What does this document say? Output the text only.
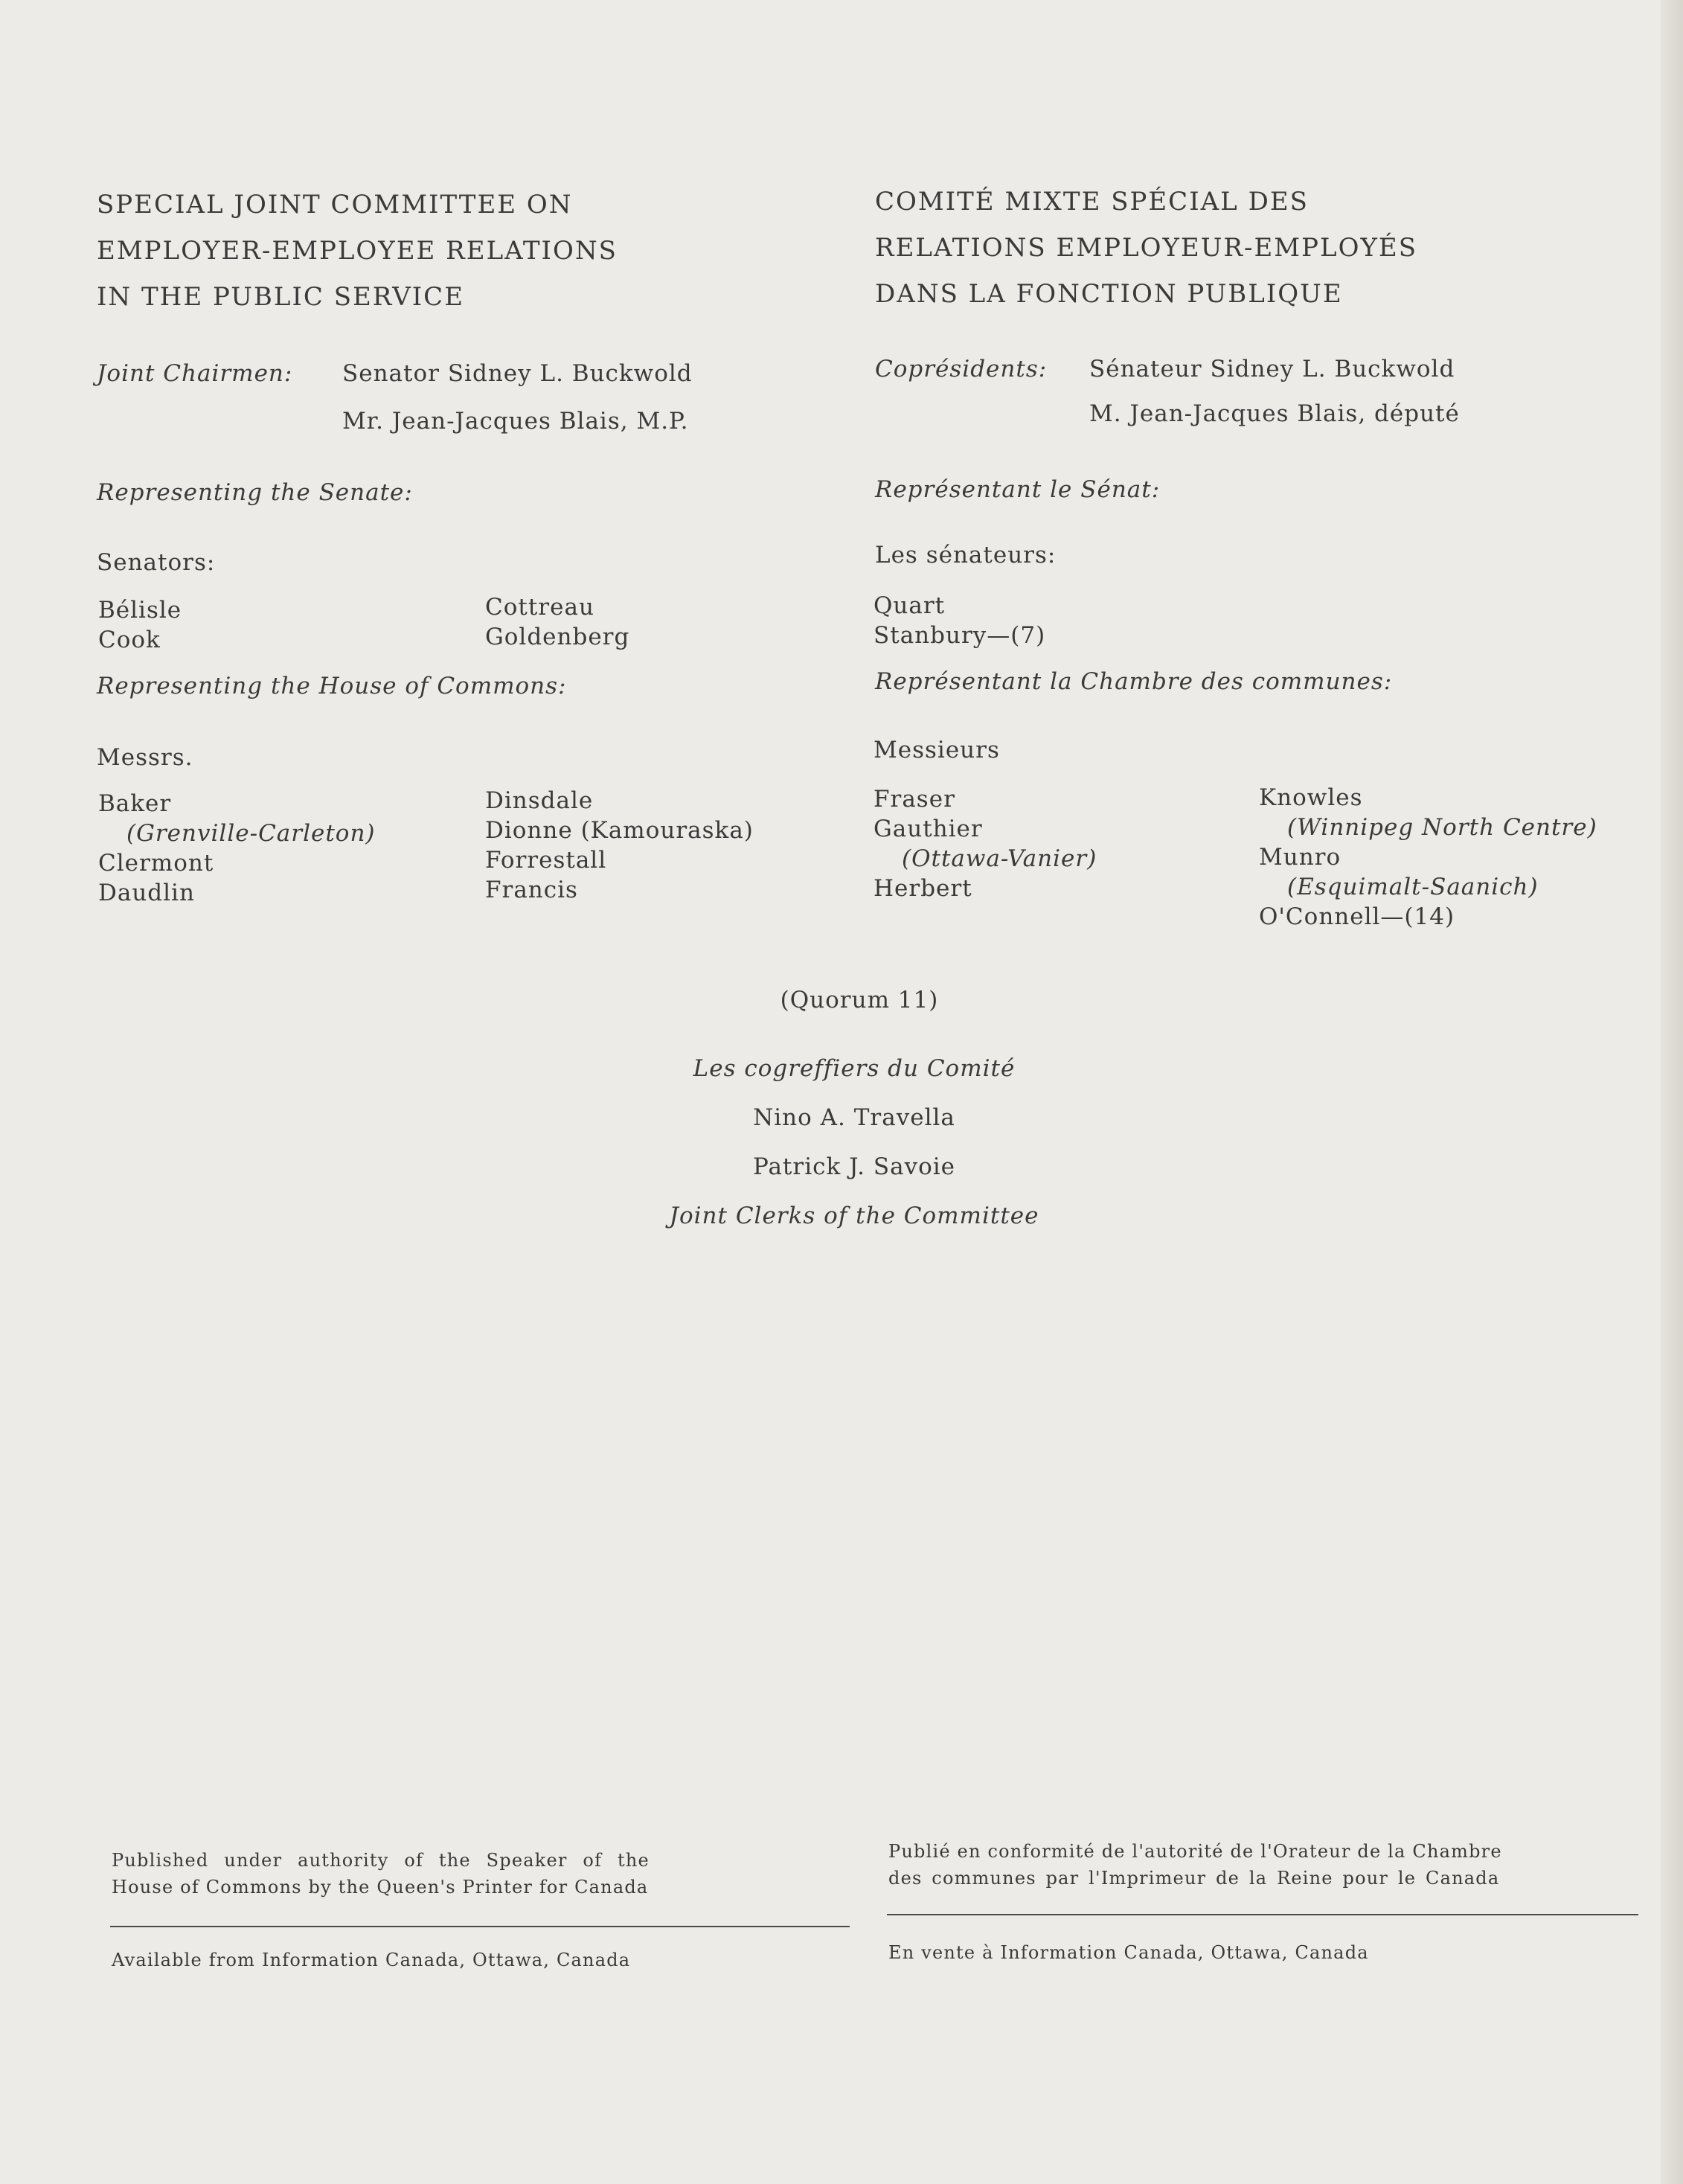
SPECIAL JOINT COMMITTEE ON
EMPLOYER-EMPLOYEE RELATIONS
IN THE PUBLIC SERVICE
COMITÉ MIXTE SPÉCIAL DES
RELATIONS EMPLOYEUR-EMPLOYÉS
DANS LA FONCTION PUBLIQUE
Joint Chairmen: Senator Sidney L. Buckwold
Mr. Jean-Jacques Blais, M.P.
Coprésidents: Sénateur Sidney L. Buckwold
M. Jean-Jacques Blais, député
Representing the Senate:	Représentant le Sénat:
Senators:	Les sénateurs:
Bélisle
Cook
Cottreau
Goldenberg
Quart
Stanbury—(7)
Representing the House of Commons:	Représentant la Chambre des communes:
Messrs.	Messieurs
Baker
(Grenville-Carleton)
Clermont
Daudlin
Dinsdale
Dionne (Kamouraska)
Forrestall
Francis
Fraser
Gauthier
(Ottawa-Vanier)
Herbert
Knowles
(Winnipeg North Centre)
Munro
(Esquimalt-Saanich)
O'Connell—(14)
(Quorum 11)
Les cogreffiers du Comité
Nino A. Travella
Patrick J. Savoie
Joint Clerks of the Committee
Published under authority of the Speaker of the
House of Commons by the Queen's Printer for Canada
Available from Information Canada, Ottawa, Canada
Publié en conformité de l'autorité de l'Orateur de la Chambre
des communes par l'Imprimeur de la Reine pour le Canada
En vente à Information Canada, Ottawa, Canada
